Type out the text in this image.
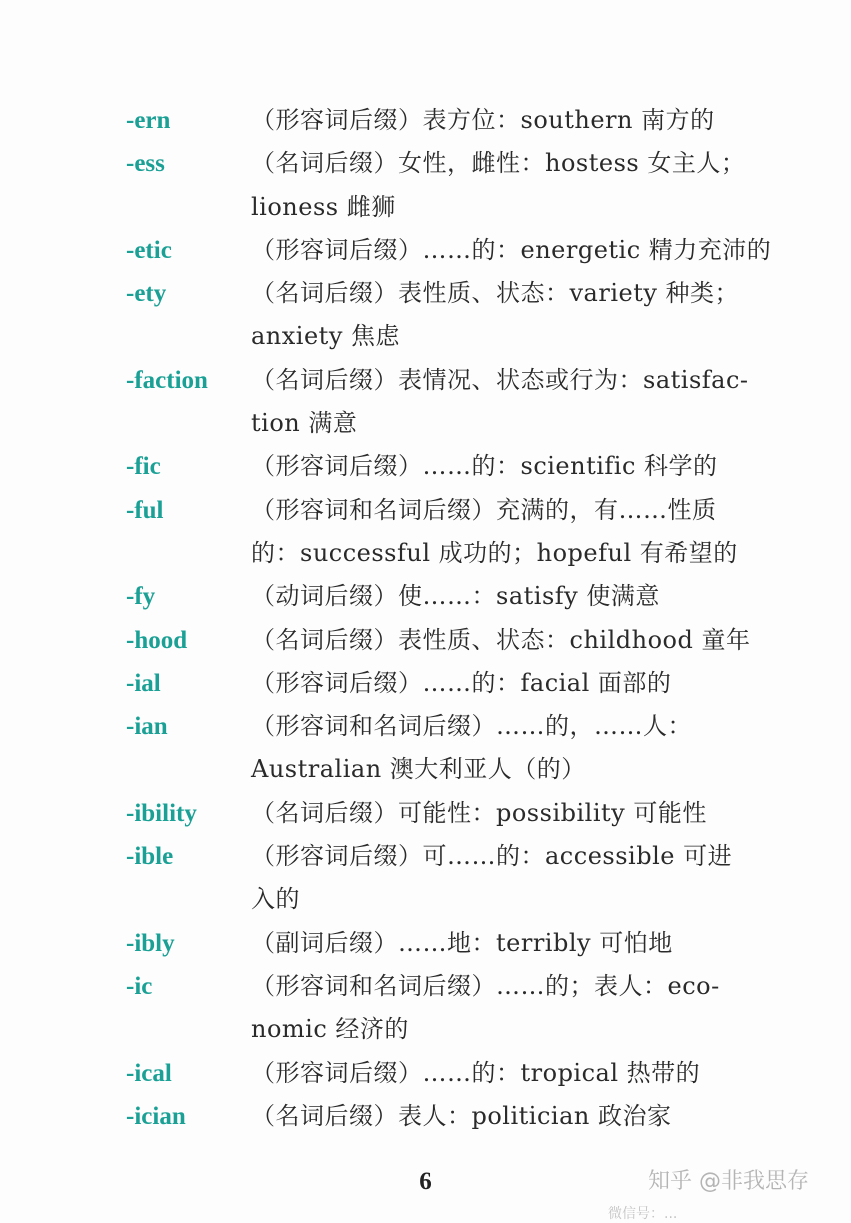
-ern	（形容词后缀）表方位：southern 南方的
-ess	（名词后缀）女性，雌性：hostess 女主人；
lioness 雌狮
-etic	（形容词后缀）……的：energetic 精力充沛的
-ety	（名词后缀）表性质、状态：variety 种类；
anxiety 焦虑
-faction （名词后缀）表情况、状态或行为：satisfac-
tion 满意
-fic	（形容词后缀）……的：scientific 科学的
-ful	（形容词和名词后缀）充满的，有……性质
的：successful 成功的；hopeful 有希望的
-fy	（动词后缀）使……：satisfy 使满意
-hood	（名词后缀）表性质、状态：childhood 童年
-ial	（形容词后缀）……的：facial 面部的
-ian	（形容词和名词后缀）……的，……人：
Australian 澳大利亚人（的）
-ibility （名词后缀）可能性：possibility 可能性
-ible	（形容词后缀）可……的：accessible 可进
入的
-ibly	（副词后缀）……地：terribly 可怕地
-ic	（形容词和名词后缀）……的；表人：eco-
nomic 经济的
-ical	（形容词后缀）……的：tropical 热带的
-ician	（名词后缀）表人：politician 政治家
6	知乎 @非我思存
微信号：...
